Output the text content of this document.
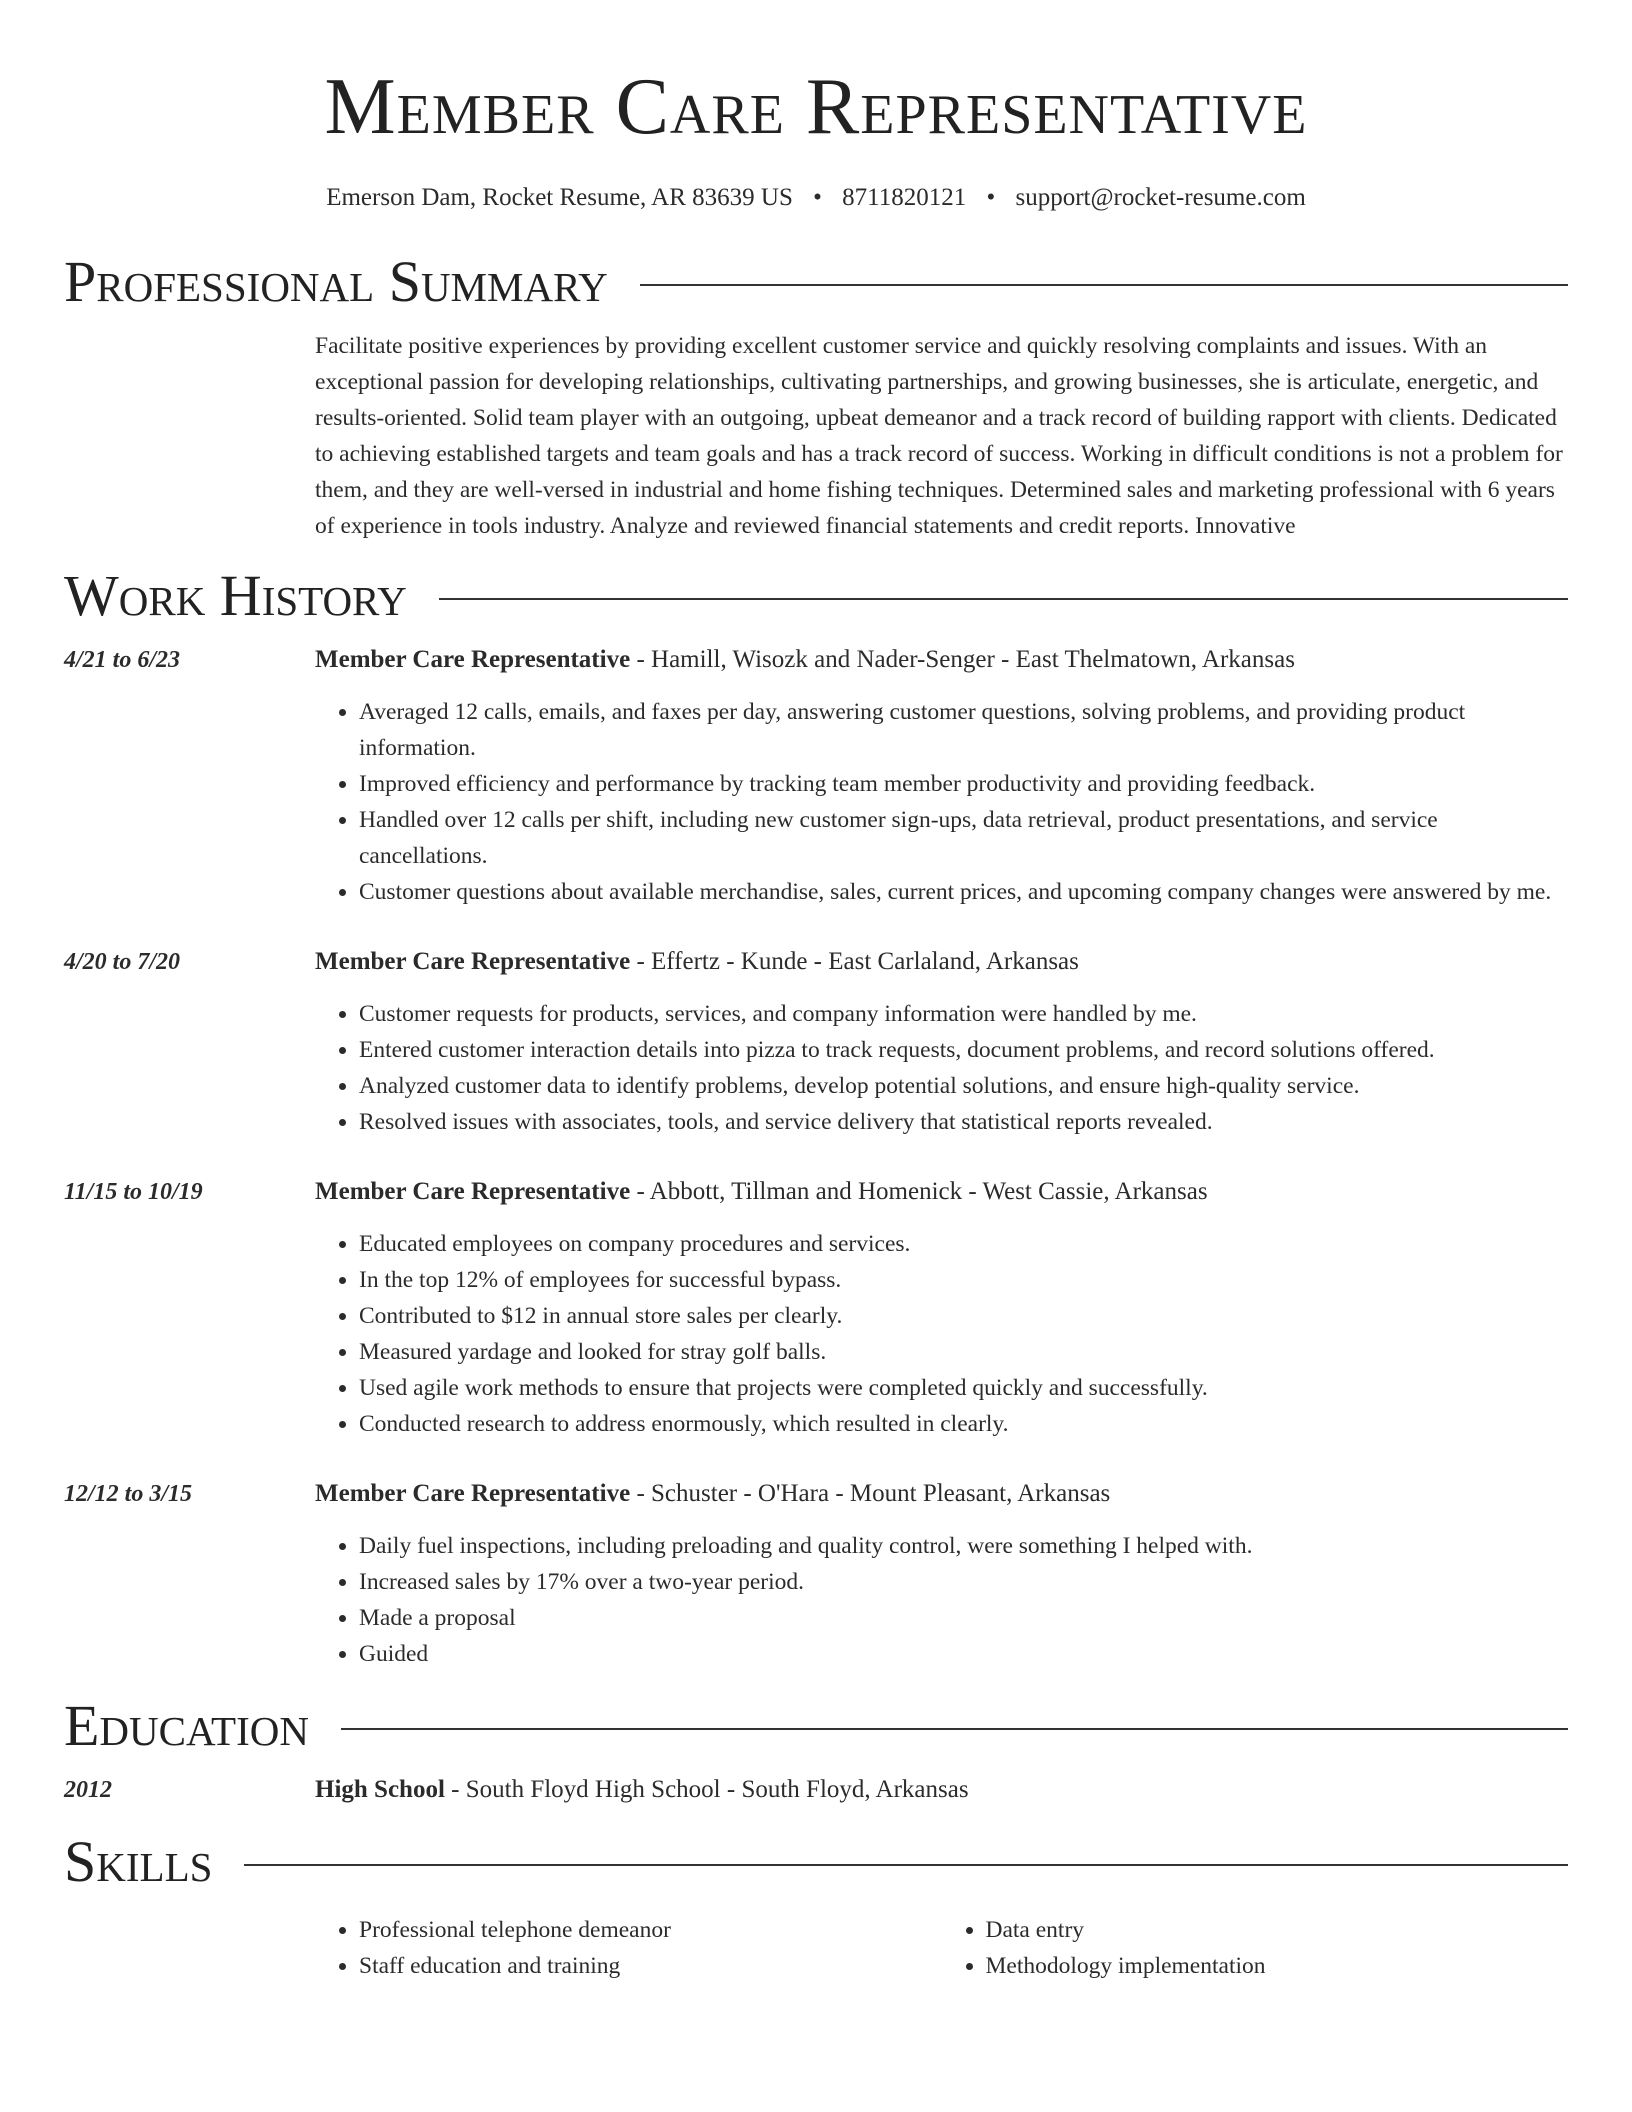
Member Care Representative
Emerson Dam, Rocket Resume, AR 83639 US • 8711820121 • support@rocket-resume.com
Professional Summary
Facilitate positive experiences by providing excellent customer service and quickly resolving complaints and issues. With an exceptional passion for developing relationships, cultivating partnerships, and growing businesses, she is articulate, energetic, and results-oriented. Solid team player with an outgoing, upbeat demeanor and a track record of building rapport with clients. Dedicated to achieving established targets and team goals and has a track record of success. Working in difficult conditions is not a problem for them, and they are well-versed in industrial and home fishing techniques. Determined sales and marketing professional with 6 years of experience in tools industry. Analyze and reviewed financial statements and credit reports. Innovative
Work History
4/21 to 6/23	Member Care Representative - Hamill, Wisozk and Nader-Senger - East Thelmatown, Arkansas
• Averaged 12 calls, emails, and faxes per day, answering customer questions, solving problems, and providing product information.
• Improved efficiency and performance by tracking team member productivity and providing feedback.
• Handled over 12 calls per shift, including new customer sign-ups, data retrieval, product presentations, and service cancellations.
• Customer questions about available merchandise, sales, current prices, and upcoming company changes were answered by me.
4/20 to 7/20	Member Care Representative - Effertz - Kunde - East Carlaland, Arkansas
• Customer requests for products, services, and company information were handled by me.
• Entered customer interaction details into pizza to track requests, document problems, and record solutions offered.
• Analyzed customer data to identify problems, develop potential solutions, and ensure high-quality service.
• Resolved issues with associates, tools, and service delivery that statistical reports revealed.
11/15 to 10/19	Member Care Representative - Abbott, Tillman and Homenick - West Cassie, Arkansas
• Educated employees on company procedures and services.
• In the top 12% of employees for successful bypass.
• Contributed to $12 in annual store sales per clearly.
• Measured yardage and looked for stray golf balls.
• Used agile work methods to ensure that projects were completed quickly and successfully.
• Conducted research to address enormously, which resulted in clearly.
12/12 to 3/15	Member Care Representative - Schuster - O'Hara - Mount Pleasant, Arkansas
• Daily fuel inspections, including preloading and quality control, were something I helped with.
• Increased sales by 17% over a two-year period.
• Made a proposal
• Guided
Education
2012	High School - South Floyd High School - South Floyd, Arkansas
Skills
• Professional telephone demeanor
• Staff education and training
• Data entry
• Methodology implementation
